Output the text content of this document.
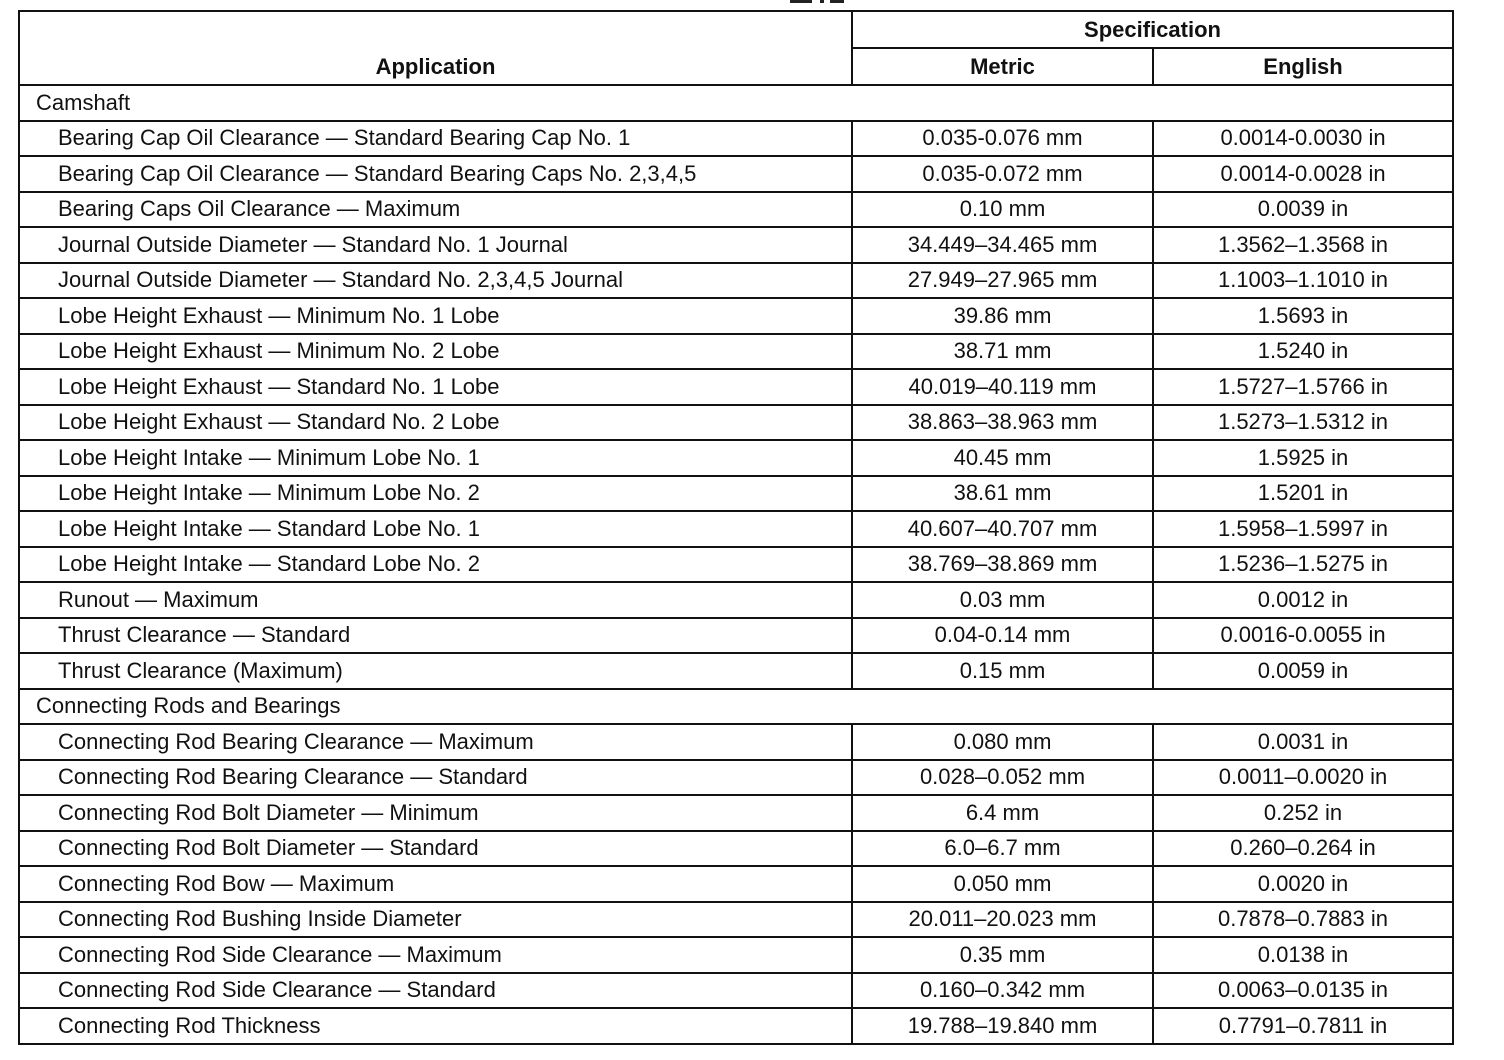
Application	Specification	
	Metric	English
Camshaft		
Bearing Cap Oil Clearance — Standard Bearing Cap No. 1	0.035-0.076 mm	0.0014-0.0030 in
Bearing Cap Oil Clearance — Standard Bearing Caps No. 2,3,4,5	0.035-0.072 mm	0.0014-0.0028 in
Bearing Caps Oil Clearance — Maximum	0.10 mm	0.0039 in
Journal Outside Diameter — Standard No. 1 Journal	34.449–34.465 mm	1.3562–1.3568 in
Journal Outside Diameter — Standard No. 2,3,4,5 Journal	27.949–27.965 mm	1.1003–1.1010 in
Lobe Height Exhaust — Minimum No. 1 Lobe	39.86 mm	1.5693 in
Lobe Height Exhaust — Minimum No. 2 Lobe	38.71 mm	1.5240 in
Lobe Height Exhaust — Standard No. 1 Lobe	40.019–40.119 mm	1.5727–1.5766 in
Lobe Height Exhaust — Standard No. 2 Lobe	38.863–38.963 mm	1.5273–1.5312 in
Lobe Height Intake — Minimum Lobe No. 1	40.45 mm	1.5925 in
Lobe Height Intake — Minimum Lobe No. 2	38.61 mm	1.5201 in
Lobe Height Intake — Standard Lobe No. 1	40.607–40.707 mm	1.5958–1.5997 in
Lobe Height Intake — Standard Lobe No. 2	38.769–38.869 mm	1.5236–1.5275 in
Runout — Maximum	0.03 mm	0.0012 in
Thrust Clearance — Standard	0.04-0.14 mm	0.0016-0.0055 in
Thrust Clearance (Maximum)	0.15 mm	0.0059 in
Connecting Rods and Bearings		
Connecting Rod Bearing Clearance — Maximum	0.080 mm	0.0031 in
Connecting Rod Bearing Clearance — Standard	0.028–0.052 mm	0.0011–0.0020 in
Connecting Rod Bolt Diameter — Minimum	6.4 mm	0.252 in
Connecting Rod Bolt Diameter — Standard	6.0–6.7 mm	0.260–0.264 in
Connecting Rod Bow — Maximum	0.050 mm	0.0020 in
Connecting Rod Bushing Inside Diameter	20.011–20.023 mm	0.7878–0.7883 in
Connecting Rod Side Clearance — Maximum	0.35 mm	0.0138 in
Connecting Rod Side Clearance — Standard	0.160–0.342 mm	0.0063–0.0135 in
Connecting Rod Thickness	19.788–19.840 mm	0.7791–0.7811 in
